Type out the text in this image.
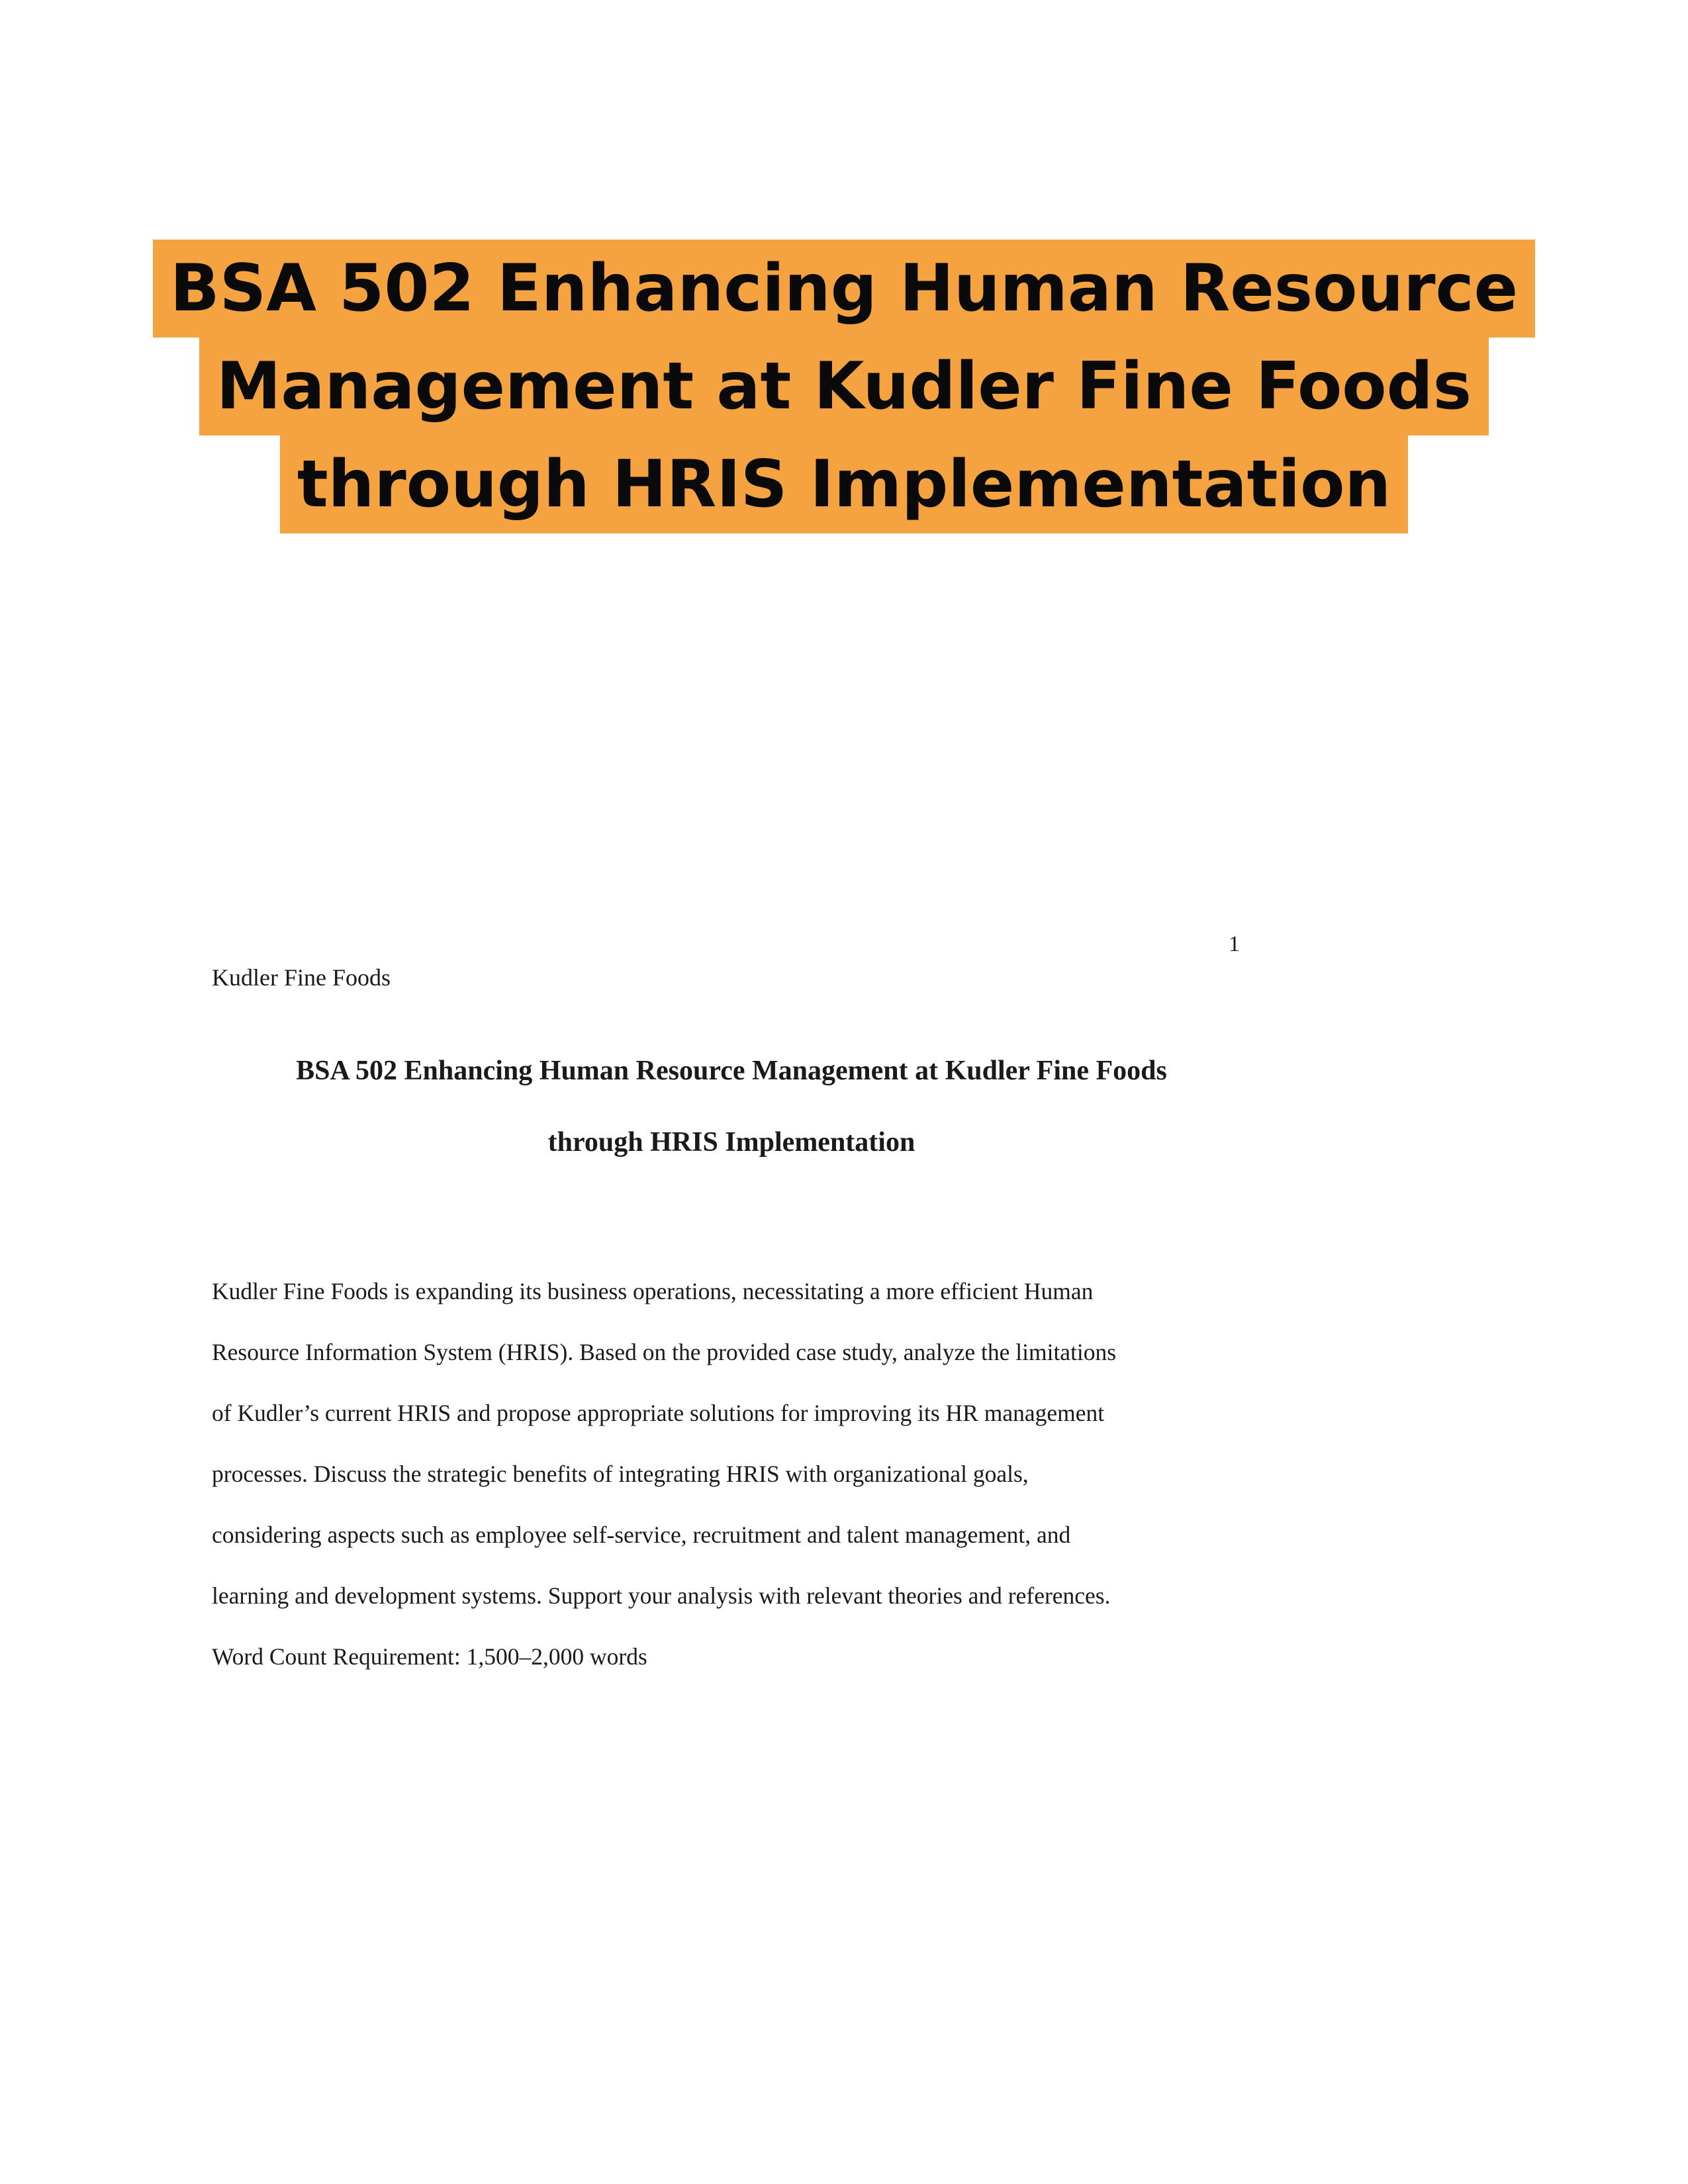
BSA 502 Enhancing Human Resource
Management at Kudler Fine Foods
through HRIS Implementation
1
Kudler Fine Foods
BSA 502 Enhancing Human Resource Management at Kudler Fine Foods
through HRIS Implementation
Kudler Fine Foods is expanding its business operations, necessitating a more efficient Human
Resource Information System (HRIS). Based on the provided case study, analyze the limitations
of Kudler’s current HRIS and propose appropriate solutions for improving its HR management
processes. Discuss the strategic benefits of integrating HRIS with organizational goals,
considering aspects such as employee self-service, recruitment and talent management, and
learning and development systems. Support your analysis with relevant theories and references.
Word Count Requirement: 1,500–2,000 words
